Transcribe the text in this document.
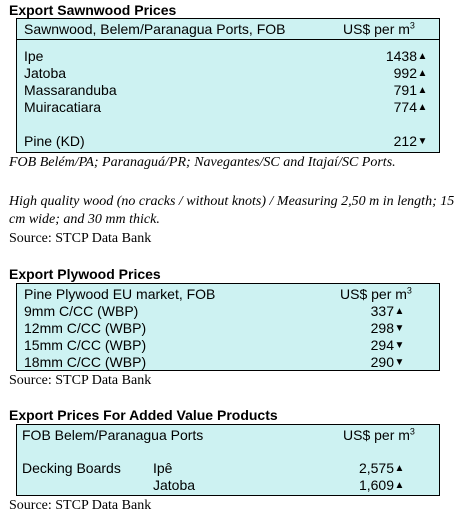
Export Sawnwood Prices
Sawnwood, Belem/Paranagua Ports, FOB	US$ per $m^3$
Ipe	1438▲
Jatoba	992▲
Massaranduba	791▲
Muiracatiara	774▲
Pine (KD)	212▼
FOB Belém/PA; Paranaguá/PR; Navegantes/SC and Itajaí/SC Ports.
High quality wood (no cracks / without knots) / Measuring 2,50 m in length; 15 cm wide; and 30 mm thick.
Source: STCP Data Bank
Export Plywood Prices
Pine Plywood EU market, FOB	US$ per $m^3$
9mm C/CC (WBP)	337▲
12mm C/CC (WBP)	298▼
15mm C/CC (WBP)	294▼
18mm C/CC (WBP)	290▼
Source: STCP Data Bank
Export Prices For Added Value Products
FOB Belem/Paranagua Ports	US$ per $m^3$
Decking Boards Ipê	2,575▲
Jatoba	1,609▲
Source: STCP Data Bank
